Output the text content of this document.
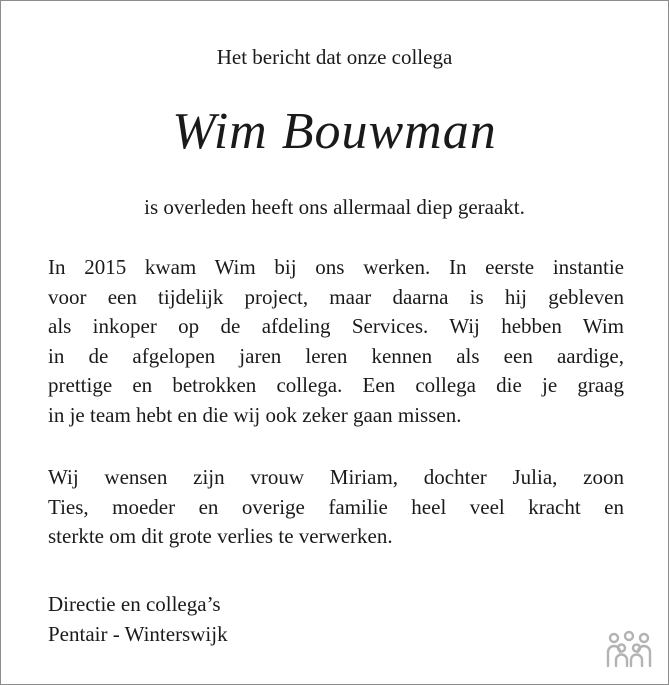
Het bericht dat onze collega
Wim Bouwman
is overleden heeft ons allermaal diep geraakt.
In 2015 kwam Wim bij ons werken. In eerste instantie
voor een tijdelijk project, maar daarna is hij gebleven
als inkoper op de afdeling Services. Wij hebben Wim
in de afgelopen jaren leren kennen als een aardige,
prettige en betrokken collega. Een collega die je graag
in je team hebt en die wij ook zeker gaan missen.
Wij wensen zijn vrouw Miriam, dochter Julia, zoon
Ties, moeder en overige familie heel veel kracht en
sterkte om dit grote verlies te verwerken.
Directie en collega’s
Pentair - Winterswijk
